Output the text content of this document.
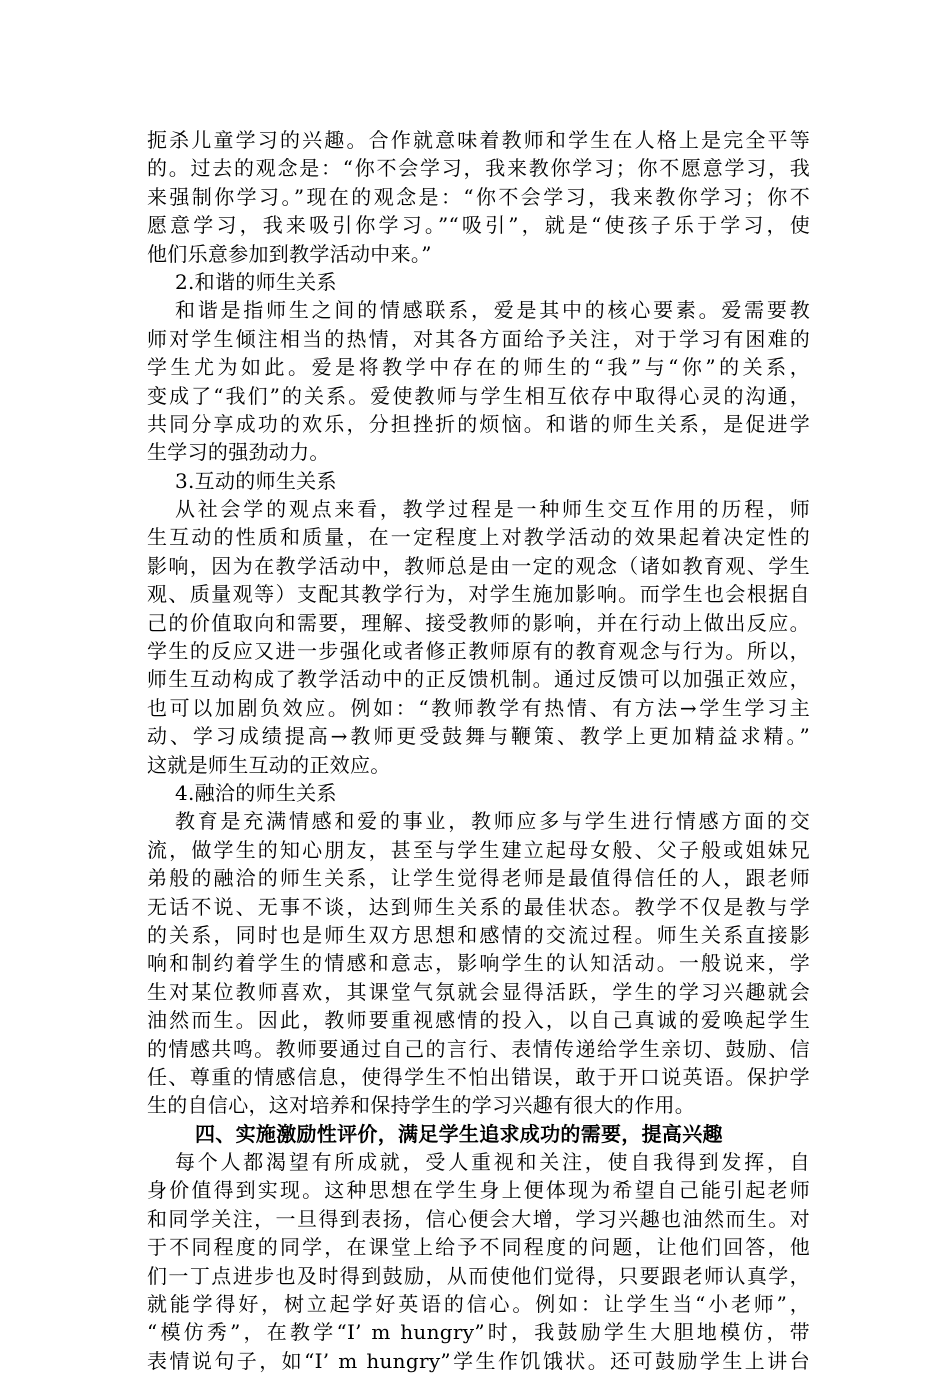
扼杀儿童学习的兴趣。合作就意味着教师和学生在人格上是完全平等
的。过去的观念是：“你不会学习，我来教你学习；你不愿意学习，我
来强制你学习。”现在的观念是：“你不会学习，我来教你学习；你不
愿意学习，我来吸引你学习。”“吸引”，就是“使孩子乐于学习，使
他们乐意参加到教学活动中来。”
2.和谐的师生关系
和谐是指师生之间的情感联系，爱是其中的核心要素。爱需要教
师对学生倾注相当的热情，对其各方面给予关注，对于学习有困难的
学生尤为如此。爱是将教学中存在的师生的“我”与“你”的关系，
变成了“我们”的关系。爱使教师与学生相互依存中取得心灵的沟通，
共同分享成功的欢乐，分担挫折的烦恼。和谐的师生关系，是促进学
生学习的强劲动力。
3.互动的师生关系
从社会学的观点来看，教学过程是一种师生交互作用的历程，师
生互动的性质和质量，在一定程度上对教学活动的效果起着决定性的
影响，因为在教学活动中，教师总是由一定的观念（诸如教育观、学生
观、质量观等）支配其教学行为，对学生施加影响。而学生也会根据自
己的价值取向和需要，理解、接受教师的影响，并在行动上做出反应。
学生的反应又进一步强化或者修正教师原有的教育观念与行为。所以，
师生互动构成了教学活动中的正反馈机制。通过反馈可以加强正效应，
也可以加剧负效应。例如：“教师教学有热情、有方法→学生学习主
动、学习成绩提高→教师更受鼓舞与鞭策、教学上更加精益求精。”
这就是师生互动的正效应。
4.融洽的师生关系
教育是充满情感和爱的事业，教师应多与学生进行情感方面的交
流，做学生的知心朋友，甚至与学生建立起母女般、父子般或姐妹兄
弟般的融洽的师生关系，让学生觉得老师是最值得信任的人，跟老师
无话不说、无事不谈，达到师生关系的最佳状态。教学不仅是教与学
的关系，同时也是师生双方思想和感情的交流过程。师生关系直接影
响和制约着学生的情感和意志，影响学生的认知活动。一般说来，学
生对某位教师喜欢，其课堂气氛就会显得活跃，学生的学习兴趣就会
油然而生。因此，教师要重视感情的投入，以自己真诚的爱唤起学生
的情感共鸣。教师要通过自己的言行、表情传递给学生亲切、鼓励、信
任、尊重的情感信息，使得学生不怕出错误，敢于开口说英语。保护学
生的自信心，这对培养和保持学生的学习兴趣有很大的作用。
四、实施激励性评价，满足学生追求成功的需要，提高兴趣
每个人都渴望有所成就，受人重视和关注，使自我得到发挥，自
身价值得到实现。这种思想在学生身上便体现为希望自己能引起老师
和同学关注，一旦得到表扬，信心便会大增，学习兴趣也油然而生。对
于不同程度的同学，在课堂上给予不同程度的问题，让他们回答，他
们一丁点进步也及时得到鼓励，从而使他们觉得，只要跟老师认真学，
就能学得好，树立起学好英语的信心。例如：让学生当“小老师”，
“模仿秀”，在教学“I’ m hungry”时，我鼓励学生大胆地模仿，带
表情说句子，如“I’ m hungry”学生作饥饿状。还可鼓励学生上讲台
